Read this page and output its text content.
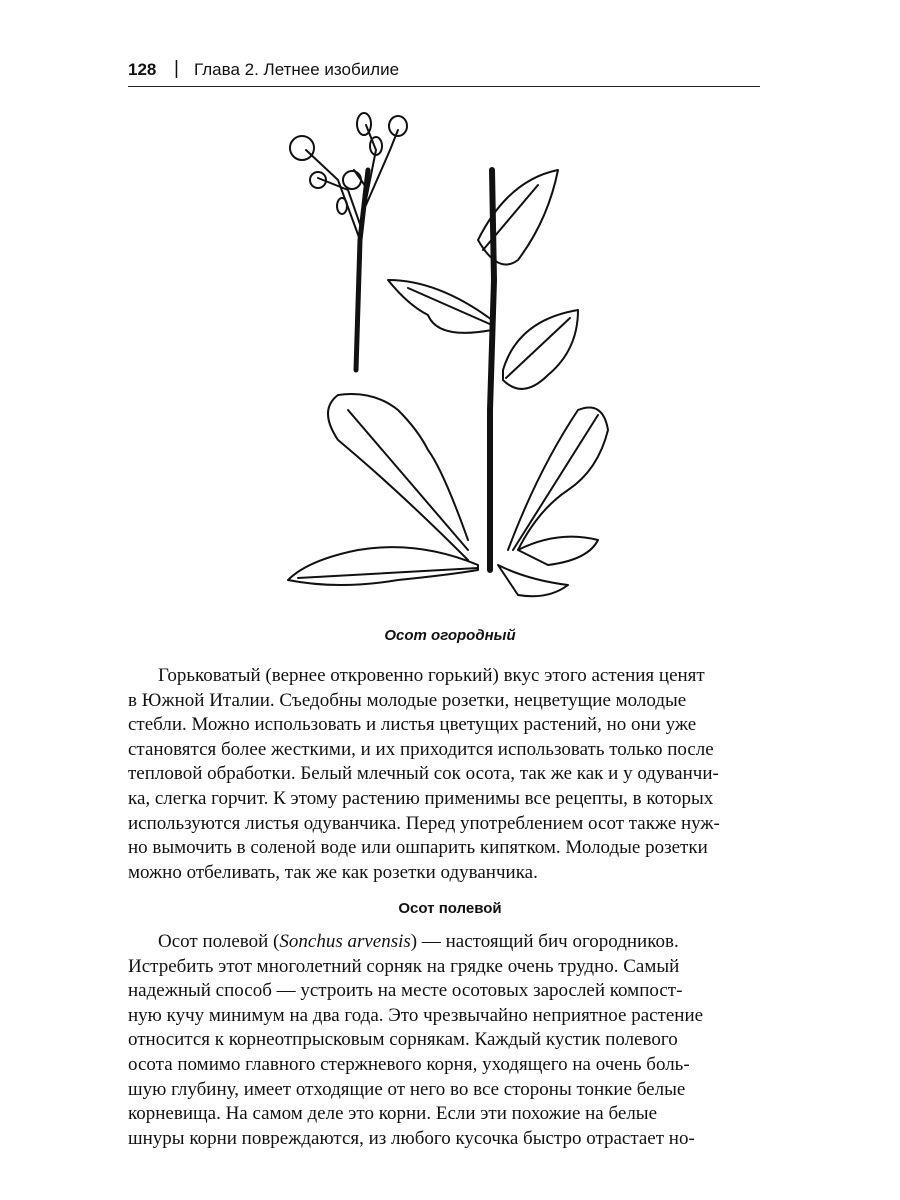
128 | Глава 2. Летнее изобилие
Осот огородный
Горьковатый (вернее откровенно горький) вкус этого астения ценят
в Южной Италии. Съедобны молодые розетки, нецветущие молодые
стебли. Можно использовать и листья цветущих растений, но они уже
становятся более жесткими, и их приходится использовать только после
тепловой обработки. Белый млечный сок осота, так же как и у одуванчи-
ка, слегка горчит. К этому растению применимы все рецепты, в которых
используются листья одуванчика. Перед употреблением осот также нуж-
но вымочить в соленой воде или ошпарить кипятком. Молодые розетки
можно отбеливать, так же как розетки одуванчика.
Осот полевой
Осот полевой (Sonchus arvensis) — настоящий бич огородников.
Истребить этот многолетний сорняк на грядке очень трудно. Самый
надежный способ — устроить на месте осотовых зарослей компост-
ную кучу минимум на два года. Это чрезвычайно неприятное растение
относится к корнеотпрысковым сорнякам. Каждый кустик полевого
осота помимо главного стержневого корня, уходящего на очень боль-
шую глубину, имеет отходящие от него во все стороны тонкие белые
корневища. На самом деле это корни. Если эти похожие на белые
шнуры корни повреждаются, из любого кусочка быстро отрастает но-
